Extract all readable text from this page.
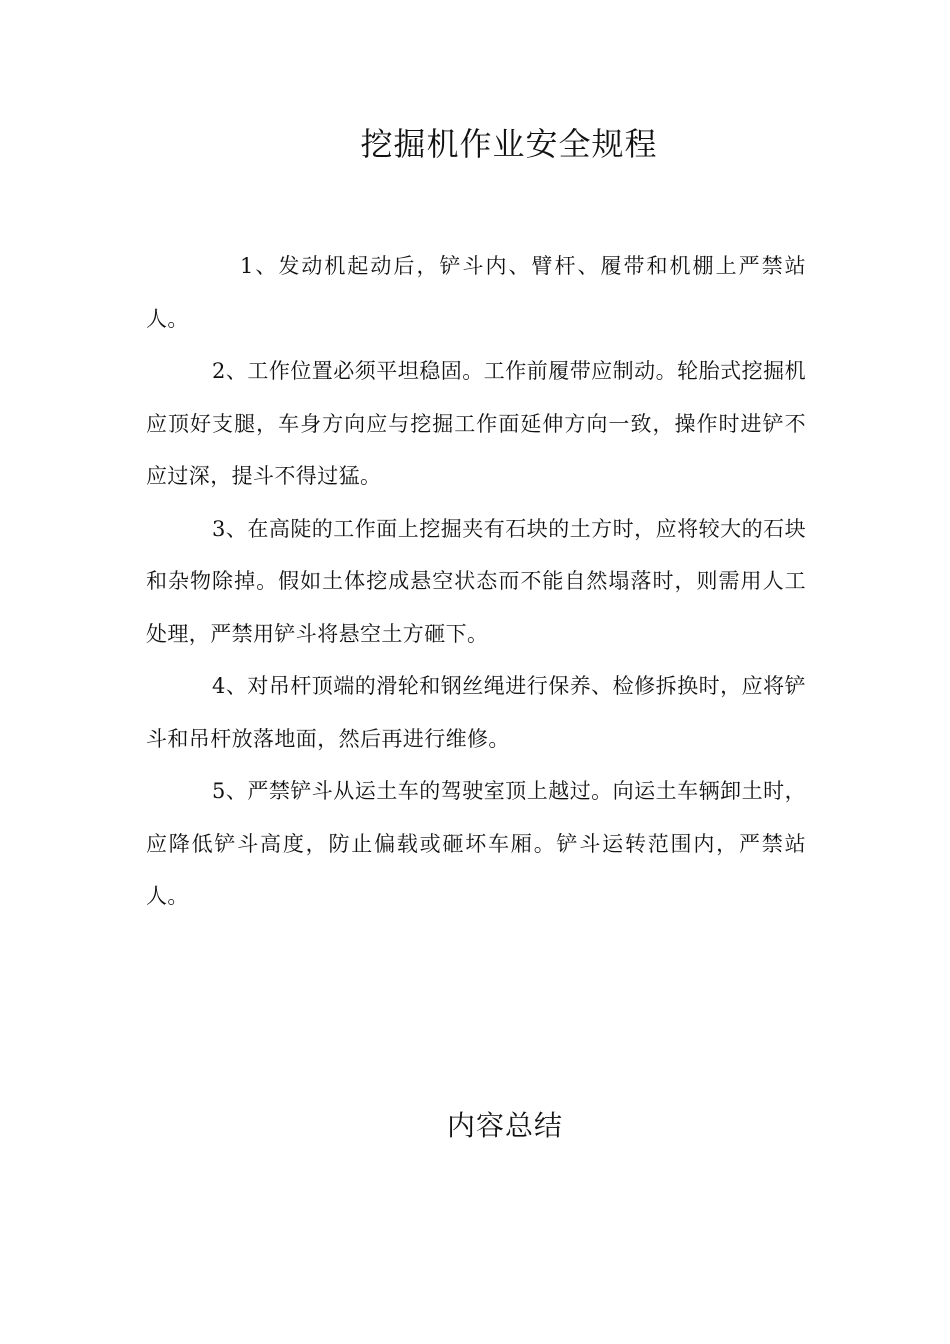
挖掘机作业安全规程

1、发动机起动后，铲斗内、臂杆、履带和机棚上严禁站人。

2、工作位置必须平坦稳固。工作前履带应制动。轮胎式挖掘机应顶好支腿，车身方向应与挖掘工作面延伸方向一致，操作时进铲不应过深，提斗不得过猛。

3、在高陡的工作面上挖掘夹有石块的土方时，应将较大的石块和杂物除掉。假如土体挖成悬空状态而不能自然塌落时，则需用人工处理，严禁用铲斗将悬空土方砸下。

4、对吊杆顶端的滑轮和钢丝绳进行保养、检修拆换时，应将铲斗和吊杆放落地面，然后再进行维修。

5、严禁铲斗从运土车的驾驶室顶上越过。向运土车辆卸土时，应降低铲斗高度，防止偏载或砸坏车厢。铲斗运转范围内，严禁站人。

内容总结
